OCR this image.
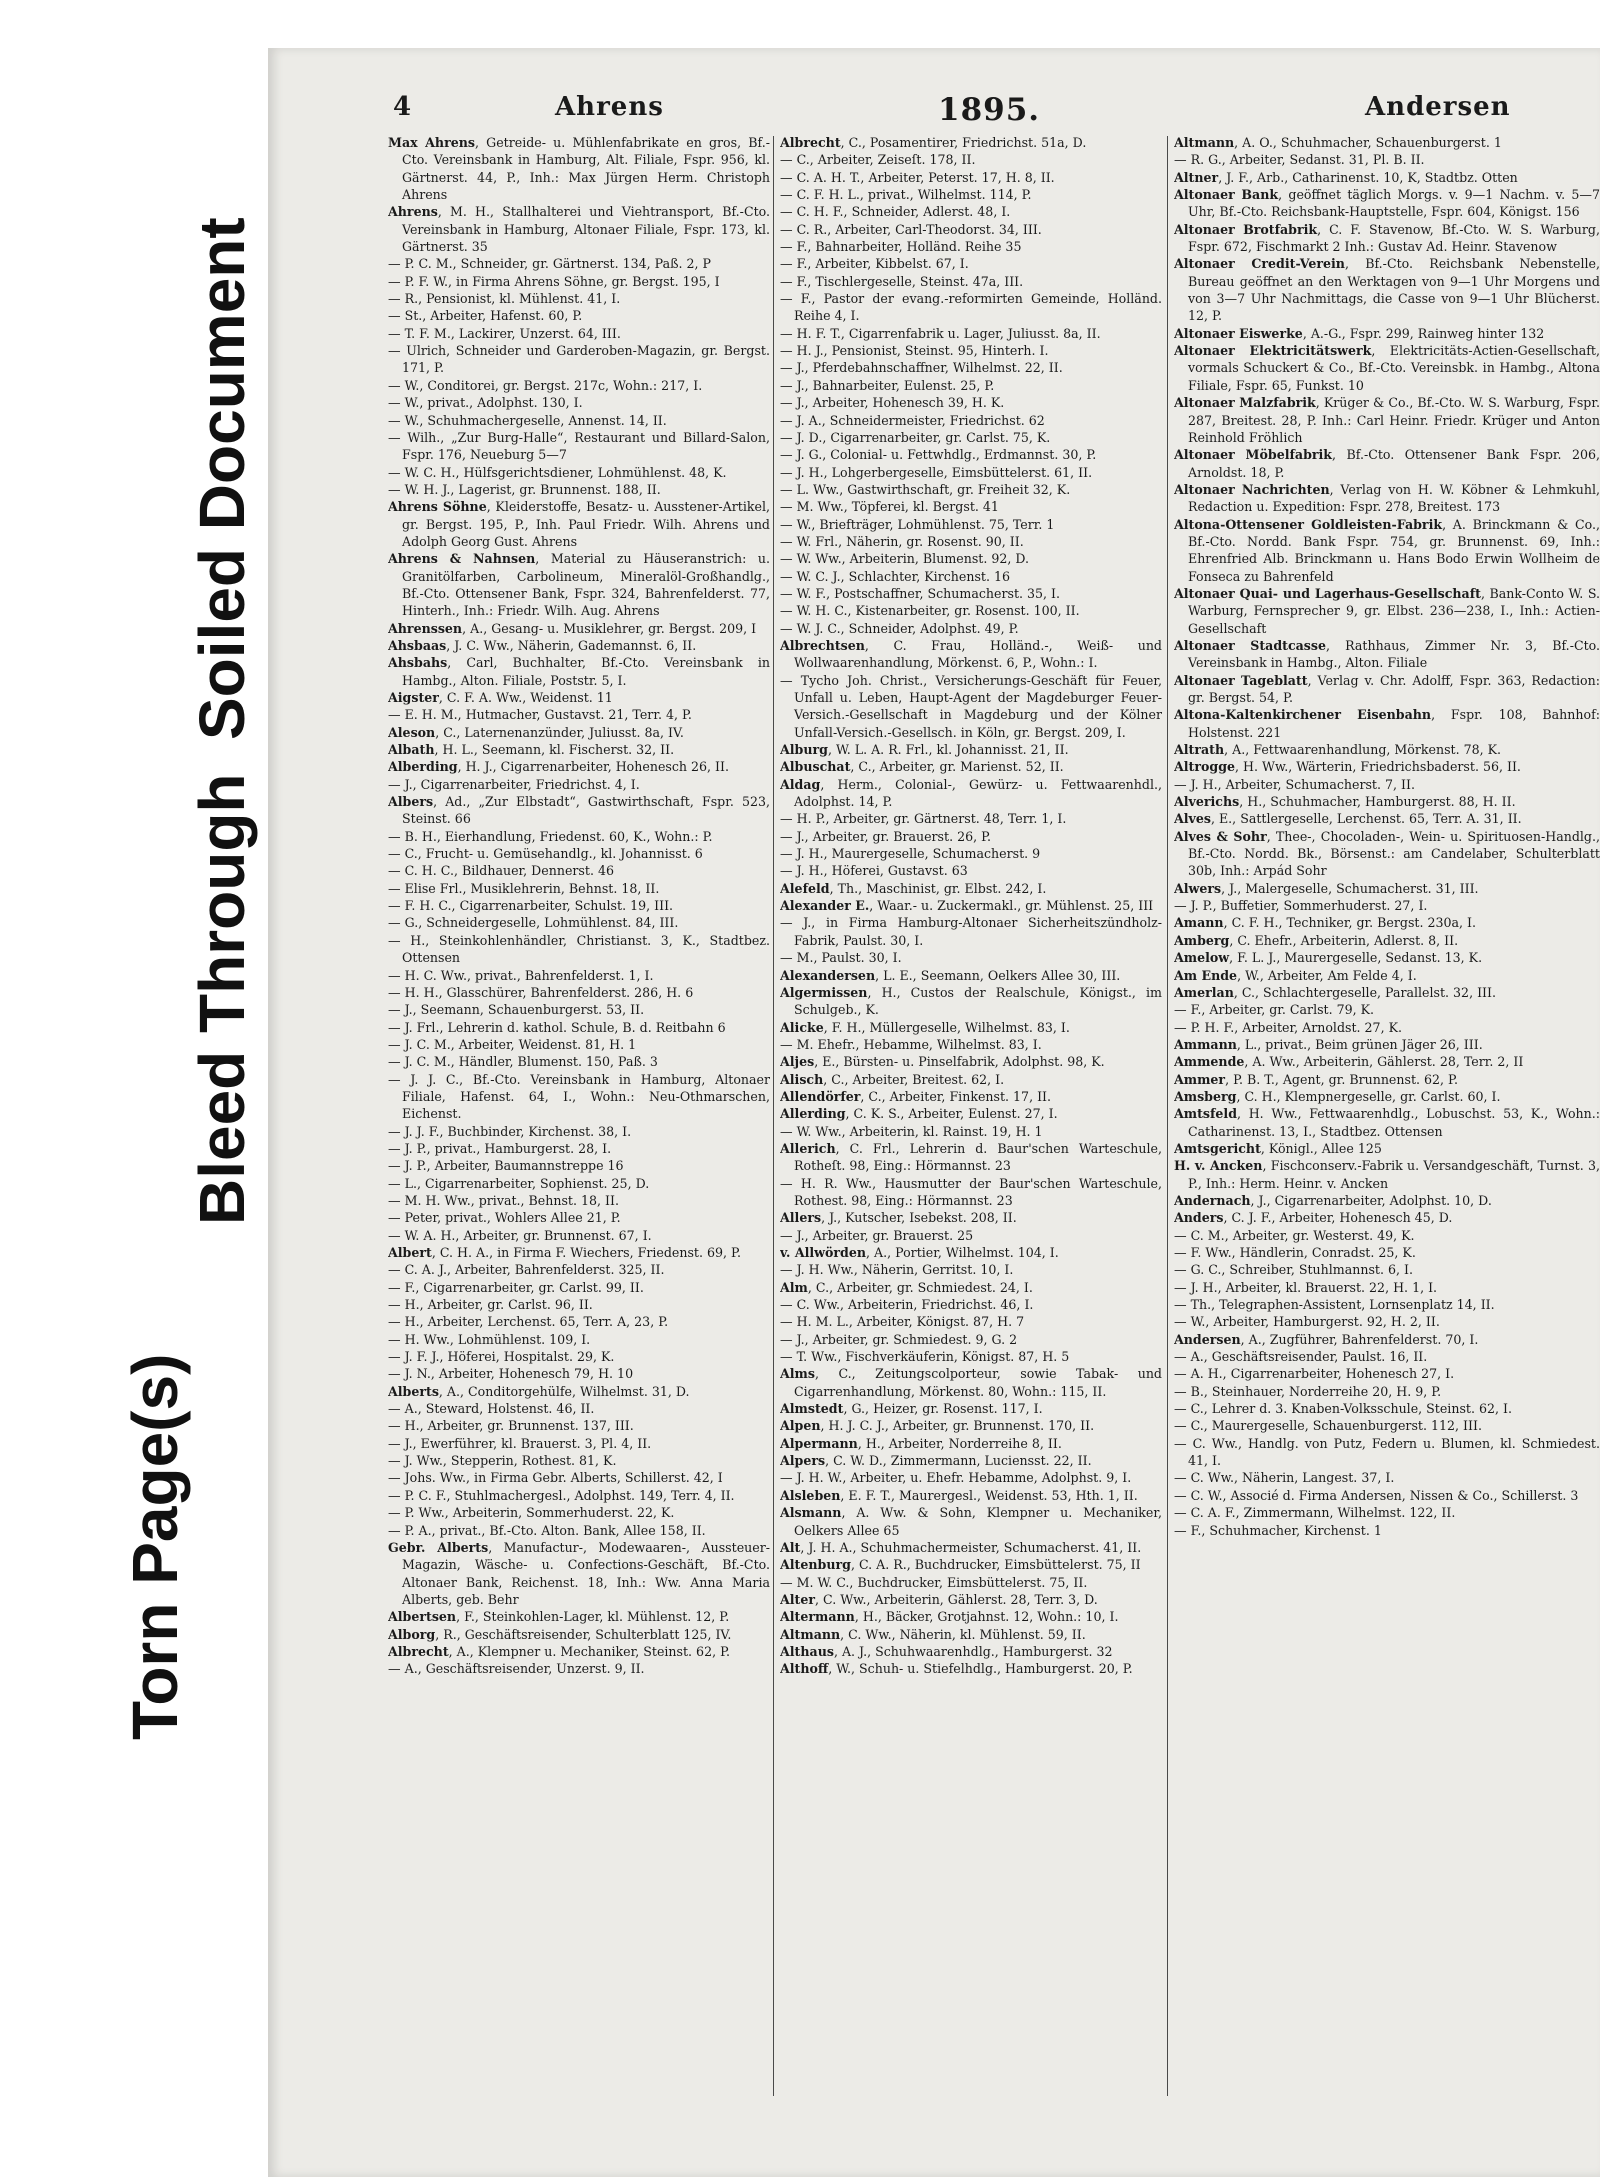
Torn Page(s)
Bleed Through
Soiled Document
4	Ahrens	1895.	Andersen
Max Ahrens, Getreide- u. Mühlenfabrikate en gros, Bf.-Cto. Vereinsbank in Hamburg, Alt. Filiale, Fspr. 956, kl. Gärtnerst. 44, P., Inh.: Max Jürgen Herm. Christoph Ahrens
Ahrens, M. H., Stallhalterei und Viehtransport, Bf.-Cto. Vereinsbank in Hamburg, Altonaer Filiale, Fspr. 173, kl. Gärtnerst. 35
— P. C. M., Schneider, gr. Gärtnerst. 134, Paß. 2, P
— P. F. W., in Firma Ahrens Söhne, gr. Bergst. 195, I
— R., Pensionist, kl. Mühlenst. 41, I.
— St., Arbeiter, Hafenst. 60, P.
— T. F. M., Lackirer, Unzerst. 64, III.
— Ulrich, Schneider und Garderoben-Magazin, gr. Bergst. 171, P.
— W., Conditorei, gr. Bergst. 217c, Wohn.: 217, I.
— W., privat., Adolphst. 130, I.
— W., Schuhmachergeselle, Annenst. 14, II.
— Wilh., „Zur Burg-Halle“, Restaurant und Billard-Salon, Fspr. 176, Neueburg 5—7
— W. C. H., Hülfsgerichtsdiener, Lohmühlenst. 48, K.
— W. H. J., Lagerist, gr. Brunnenst. 188, II.
Ahrens Söhne, Kleiderstoffe, Besatz- u. Ausstener-Artikel, gr. Bergst. 195, P., Inh. Paul Friedr. Wilh. Ahrens und Adolph Georg Gust. Ahrens
Ahrens & Nahnsen, Material zu Häuseranstrich: u. Granitölfarben, Carbolineum, Mineralöl-Großhandlg., Bf.-Cto. Ottensener Bank, Fspr. 324, Bahrenfelderst. 77, Hinterh., Inh.: Friedr. Wilh. Aug. Ahrens
Ahrenssen, A., Gesang- u. Musiklehrer, gr. Bergst. 209, I
Ahsbaas, J. C. Ww., Näherin, Gademannst. 6, II.
Ahsbahs, Carl, Buchhalter, Bf.-Cto. Vereinsbank in Hambg., Alton. Filiale, Poststr. 5, I.
Aigster, C. F. A. Ww., Weidenst. 11
— E. H. M., Hutmacher, Gustavst. 21, Terr. 4, P.
Aleson, C., Laternenanzünder, Juliusst. 8a, IV.
Albath, H. L., Seemann, kl. Fischerst. 32, II.
Alberding, H. J., Cigarrenarbeiter, Hohenesch 26, II.
— J., Cigarrenarbeiter, Friedrichst. 4, I.
Albers, Ad., „Zur Elbstadt“, Gastwirthschaft, Fspr. 523, Steinst. 66
— B. H., Eierhandlung, Friedenst. 60, K., Wohn.: P.
— C., Frucht- u. Gemüsehandlg., kl. Johannisst. 6
— C. H. C., Bildhauer, Dennerst. 46
— Elise Frl., Musiklehrerin, Behnst. 18, II.
— F. H. C., Cigarrenarbeiter, Schulst. 19, III.
— G., Schneidergeselle, Lohmühlenst. 84, III.
— H., Steinkohlenhändler, Christianst. 3, K., Stadtbez. Ottensen
— H. C. Ww., privat., Bahrenfelderst. 1, I.
— H. H., Glasschürer, Bahrenfelderst. 286, H. 6
— J., Seemann, Schauenburgerst. 53, II.
— J. Frl., Lehrerin d. kathol. Schule, B. d. Reitbahn 6
— J. C. M., Arbeiter, Weidenst. 81, H. 1
— J. C. M., Händler, Blumenst. 150, Paß. 3
— J. J. C., Bf.-Cto. Vereinsbank in Hamburg, Altonaer Filiale, Hafenst. 64, I., Wohn.: Neu-Othmarschen, Eichenst.
— J. J. F., Buchbinder, Kirchenst. 38, I.
— J. P., privat., Hamburgerst. 28, I.
— J. P., Arbeiter, Baumannstreppe 16
— L., Cigarrenarbeiter, Sophienst. 25, D.
— M. H. Ww., privat., Behnst. 18, II.
— Peter, privat., Wohlers Allee 21, P.
— W. A. H., Arbeiter, gr. Brunnenst. 67, I.
Albert, C. H. A., in Firma F. Wiechers, Friedenst. 69, P.
— C. A. J., Arbeiter, Bahrenfelderst. 325, II.
— F., Cigarrenarbeiter, gr. Carlst. 99, II.
— H., Arbeiter, gr. Carlst. 96, II.
— H., Arbeiter, Lerchenst. 65, Terr. A, 23, P.
— H. Ww., Lohmühlenst. 109, I.
— J. F. J., Höferei, Hospitalst. 29, K.
— J. N., Arbeiter, Hohenesch 79, H. 10
Alberts, A., Conditorgehülfe, Wilhelmst. 31, D.
— A., Steward, Holstenst. 46, II.
— H., Arbeiter, gr. Brunnenst. 137, III.
— J., Ewerführer, kl. Brauerst. 3, Pl. 4, II.
— J. Ww., Stepperin, Rothest. 81, K.
— Johs. Ww., in Firma Gebr. Alberts, Schillerst. 42, I
— P. C. F., Stuhlmachergesl., Adolphst. 149, Terr. 4, II.
— P. Ww., Arbeiterin, Sommerhuderst. 22, K.
— P. A., privat., Bf.-Cto. Alton. Bank, Allee 158, II.
Gebr. Alberts, Manufactur-, Modewaaren-, Aussteuer-Magazin, Wäsche- u. Confections-Geschäft, Bf.-Cto. Altonaer Bank, Reichenst. 18, Inh.: Ww. Anna Maria Alberts, geb. Behr
Albertsen, F., Steinkohlen-Lager, kl. Mühlenst. 12, P.
Alborg, R., Geschäftsreisender, Schulterblatt 125, IV.
Albrecht, A., Klempner u. Mechaniker, Steinst. 62, P.
— A., Geschäftsreisender, Unzerst. 9, II.
Albrecht, C., Posamentirer, Friedrichst. 51a, D.
— C., Arbeiter, Zeiseſt. 178, II.
— C. A. H. T., Arbeiter, Peterst. 17, H. 8, II.
— C. F. H. L., privat., Wilhelmst. 114, P.
— C. H. F., Schneider, Adlerst. 48, I.
— C. R., Arbeiter, Carl-Theodorst. 34, III.
— F., Bahnarbeiter, Holländ. Reihe 35
— F., Arbeiter, Kibbelst. 67, I.
— F., Tischlergeselle, Steinst. 47a, III.
— F., Pastor der evang.-reformirten Gemeinde, Holländ. Reihe 4, I.
— H. F. T., Cigarrenfabrik u. Lager, Juliusst. 8a, II.
— H. J., Pensionist, Steinst. 95, Hinterh. I.
— J., Pferdebahnschaffner, Wilhelmst. 22, II.
— J., Bahnarbeiter, Eulenst. 25, P.
— J., Arbeiter, Hohenesch 39, H. K.
— J. A., Schneidermeister, Friedrichst. 62
— J. D., Cigarrenarbeiter, gr. Carlst. 75, K.
— J. G., Colonial- u. Fettwhdlg., Erdmannst. 30, P.
— J. H., Lohgerbergeselle, Eimsbüttelerst. 61, II.
— L. Ww., Gastwirthschaft, gr. Freiheit 32, K.
— M. Ww., Töpferei, kl. Bergst. 41
— W., Briefträger, Lohmühlenst. 75, Terr. 1
— W. Frl., Näherin, gr. Rosenst. 90, II.
— W. Ww., Arbeiterin, Blumenst. 92, D.
— W. C. J., Schlachter, Kirchenst. 16
— W. F., Postschaffner, Schumacherst. 35, I.
— W. H. C., Kistenarbeiter, gr. Rosenst. 100, II.
— W. J. C., Schneider, Adolphst. 49, P.
Albrechtsen, C. Frau, Holländ.-, Weiß- und Wollwaarenhandlung, Mörkenst. 6, P., Wohn.: I.
— Tycho Joh. Christ., Versicherungs-Geschäft für Feuer, Unfall u. Leben, Haupt-Agent der Magdeburger Feuer-Versich.-Gesellschaft in Magdeburg und der Kölner Unfall-Versich.-Gesellsch. in Köln, gr. Bergst. 209, I.
Alburg, W. L. A. R. Frl., kl. Johannisst. 21, II.
Albuschat, C., Arbeiter, gr. Marienst. 52, II.
Aldag, Herm., Colonial-, Gewürz- u. Fettwaarenhdl., Adolphst. 14, P.
— H. P., Arbeiter, gr. Gärtnerst. 48, Terr. 1, I.
— J., Arbeiter, gr. Brauerst. 26, P.
— J. H., Maurergeselle, Schumacherst. 9
— J. H., Höferei, Gustavst. 63
Alefeld, Th., Maschinist, gr. Elbst. 242, I.
Alexander E., Waar.- u. Zuckermakl., gr. Mühlenst. 25, III
— J., in Firma Hamburg-Altonaer Sicherheitszündholz-Fabrik, Paulst. 30, I.
— M., Paulst. 30, I.
Alexandersen, L. E., Seemann, Oelkers Allee 30, III.
Algermissen, H., Custos der Realschule, Königst., im Schulgeb., K.
Alicke, F. H., Müllergeselle, Wilhelmst. 83, I.
— M. Ehefr., Hebamme, Wilhelmst. 83, I.
Aljes, E., Bürsten- u. Pinselfabrik, Adolphst. 98, K.
Alisch, C., Arbeiter, Breitest. 62, I.
Allendörfer, C., Arbeiter, Finkenst. 17, II.
Allerding, C. K. S., Arbeiter, Eulenst. 27, I.
— W. Ww., Arbeiterin, kl. Rainst. 19, H. 1
Allerich, C. Frl., Lehrerin d. Baur'schen Warteschule, Rotheſt. 98, Eing.: Hörmannst. 23
— H. R. Ww., Hausmutter der Baur'schen Warteschule, Rothest. 98, Eing.: Hörmannst. 23
Allers, J., Kutscher, Isebekst. 208, II.
— J., Arbeiter, gr. Brauerst. 25
v. Allwörden, A., Portier, Wilhelmst. 104, I.
— J. H. Ww., Näherin, Gerritst. 10, I.
Alm, C., Arbeiter, gr. Schmiedest. 24, I.
— C. Ww., Arbeiterin, Friedrichst. 46, I.
— H. M. L., Arbeiter, Königst. 87, H. 7
— J., Arbeiter, gr. Schmiedest. 9, G. 2
— T. Ww., Fischverkäuferin, Königst. 87, H. 5
Alms, C., Zeitungscolporteur, sowie Tabak- und Cigarrenhandlung, Mörkenst. 80, Wohn.: 115, II.
Almstedt, G., Heizer, gr. Rosenst. 117, I.
Alpen, H. J. C. J., Arbeiter, gr. Brunnenst. 170, II.
Alpermann, H., Arbeiter, Norderreihe 8, II.
Alpers, C. W. D., Zimmermann, Luciensst. 22, II.
— J. H. W., Arbeiter, u. Ehefr. Hebamme, Adolphst. 9, I.
Alsleben, E. F. T., Maurergesl., Weidenst. 53, Hth. 1, II.
Alsmann, A. Ww. & Sohn, Klempner u. Mechaniker, Oelkers Allee 65
Alt, J. H. A., Schuhmachermeister, Schumacherst. 41, II.
Altenburg, C. A. R., Buchdrucker, Eimsbüttelerst. 75, II
— M. W. C., Buchdrucker, Eimsbüttelerst. 75, II.
Alter, C. Ww., Arbeiterin, Gählerst. 28, Terr. 3, D.
Altermann, H., Bäcker, Grotjahnst. 12, Wohn.: 10, I.
Altmann, C. Ww., Näherin, kl. Mühlenst. 59, II.
Althaus, A. J., Schuhwaarenhdlg., Hamburgerst. 32
Althoff, W., Schuh- u. Stiefelhdlg., Hamburgerst. 20, P.
Altmann, A. O., Schuhmacher, Schauenburgerst. 1
— R. G., Arbeiter, Sedanst. 31, Pl. B. II.
Altner, J. F., Arb., Catharinenst. 10, K, Stadtbz. Otten
Altonaer Bank, geöffnet täglich Morgs. v. 9—1 Nachm. v. 5—7 Uhr, Bf.-Cto. Reichsbank-Hauptstelle, Fspr. 604, Königst. 156
Altonaer Brotfabrik, C. F. Stavenow, Bf.-Cto. W. S. Warburg, Fspr. 672, Fischmarkt 2 Inh.: Gustav Ad. Heinr. Stavenow
Altonaer Credit-Verein, Bf.-Cto. Reichsbank Nebenstelle, Bureau geöffnet an den Werktagen von 9—1 Uhr Morgens und von 3—7 Uhr Nachmittags, die Casse von 9—1 Uhr Blücherst. 12, P.
Altonaer Eiswerke, A.-G., Fspr. 299, Rainweg hinter 132
Altonaer Elektricitätswerk, Elektricitäts-Actien-Gesellschaft, vormals Schuckert & Co., Bf.-Cto. Vereinsbk. in Hambg., Altona Filiale, Fspr. 65, Funkst. 10
Altonaer Malzfabrik, Krüger & Co., Bf.-Cto. W. S. Warburg, Fspr. 287, Breitest. 28, P. Inh.: Carl Heinr. Friedr. Krüger und Anton Reinhold Fröhlich
Altonaer Möbelfabrik, Bf.-Cto. Ottensener Bank Fspr. 206, Arnoldst. 18, P.
Altonaer Nachrichten, Verlag von H. W. Köbner & Lehmkuhl, Redaction u. Expedition: Fspr. 278, Breitest. 173
Altona-Ottensener Goldleisten-Fabrik, A. Brinckmann & Co., Bf.-Cto. Nordd. Bank Fspr. 754, gr. Brunnenst. 69, Inh.: Ehrenfried Alb. Brinckmann u. Hans Bodo Erwin Wollheim de Fonseca zu Bahrenfeld
Altonaer Quai- und Lagerhaus-Gesellschaft, Bank-Conto W. S. Warburg, Fernsprecher 9, gr. Elbst. 236—238, I., Inh.: Actien-Gesellschaft
Altonaer Stadtcasse, Rathhaus, Zimmer Nr. 3, Bf.-Cto. Vereinsbank in Hambg., Alton. Filiale
Altonaer Tageblatt, Verlag v. Chr. Adolff, Fspr. 363, Redaction: gr. Bergst. 54, P.
Altona-Kaltenkirchener Eisenbahn, Fspr. 108, Bahnhof: Holstenst. 221
Altrath, A., Fettwaarenhandlung, Mörkenst. 78, K.
Altrogge, H. Ww., Wärterin, Friedrichsbaderst. 56, II.
— J. H., Arbeiter, Schumacherst. 7, II.
Alverichs, H., Schuhmacher, Hamburgerst. 88, H. II.
Alves, E., Sattlergeselle, Lerchenst. 65, Terr. A. 31, II.
Alves & Sohr, Thee-, Chocoladen-, Wein- u. Spirituosen-Handlg., Bf.-Cto. Nordd. Bk., Börsenst.: am Candelaber, Schulterblatt 30b, Inh.: Arpád Sohr
Alwers, J., Malergeselle, Schumacherst. 31, III.
— J. P., Buffetier, Sommerhuderst. 27, I.
Amann, C. F. H., Techniker, gr. Bergst. 230a, I.
Amberg, C. Ehefr., Arbeiterin, Adlerst. 8, II.
Amelow, F. L. J., Maurergeselle, Sedanst. 13, K.
Am Ende, W., Arbeiter, Am Felde 4, I.
Amerlan, C., Schlachtergeselle, Parallelst. 32, III.
— F., Arbeiter, gr. Carlst. 79, K.
— P. H. F., Arbeiter, Arnoldst. 27, K.
Ammann, L., privat., Beim grünen Jäger 26, III.
Ammende, A. Ww., Arbeiterin, Gählerst. 28, Terr. 2, II
Ammer, P. B. T., Agent, gr. Brunnenst. 62, P.
Amsberg, C. H., Klempnergeselle, gr. Carlst. 60, I.
Amtsfeld, H. Ww., Fettwaarenhdlg., Lobuschst. 53, K., Wohn.: Catharinenst. 13, I., Stadtbez. Ottensen
Amtsgericht, Königl., Allee 125
H. v. Ancken, Fischconserv.-Fabrik u. Versandgeschäft, Turnst. 3, P., Inh.: Herm. Heinr. v. Ancken
Andernach, J., Cigarrenarbeiter, Adolphst. 10, D.
Anders, C. J. F., Arbeiter, Hohenesch 45, D.
— C. M., Arbeiter, gr. Westerst. 49, K.
— F. Ww., Händlerin, Conradst. 25, K.
— G. C., Schreiber, Stuhlmannst. 6, I.
— J. H., Arbeiter, kl. Brauerst. 22, H. 1, I.
— Th., Telegraphen-Assistent, Lornsenplatz 14, II.
— W., Arbeiter, Hamburgerst. 92, H. 2, II.
Andersen, A., Zugführer, Bahrenfelderst. 70, I.
— A., Geschäftsreisender, Paulst. 16, II.
— A. H., Cigarrenarbeiter, Hohenesch 27, I.
— B., Steinhauer, Norderreihe 20, H. 9, P.
— C., Lehrer d. 3. Knaben-Volksschule, Steinst. 62, I.
— C., Maurergeselle, Schauenburgerst. 112, III.
— C. Ww., Handlg. von Putz, Federn u. Blumen, kl. Schmiedest. 41, I.
— C. Ww., Näherin, Langest. 37, I.
— C. W., Associé d. Firma Andersen, Nissen & Co., Schillerst. 3
— C. A. F., Zimmermann, Wilhelmst. 122, II.
— F., Schuhmacher, Kirchenst. 1
